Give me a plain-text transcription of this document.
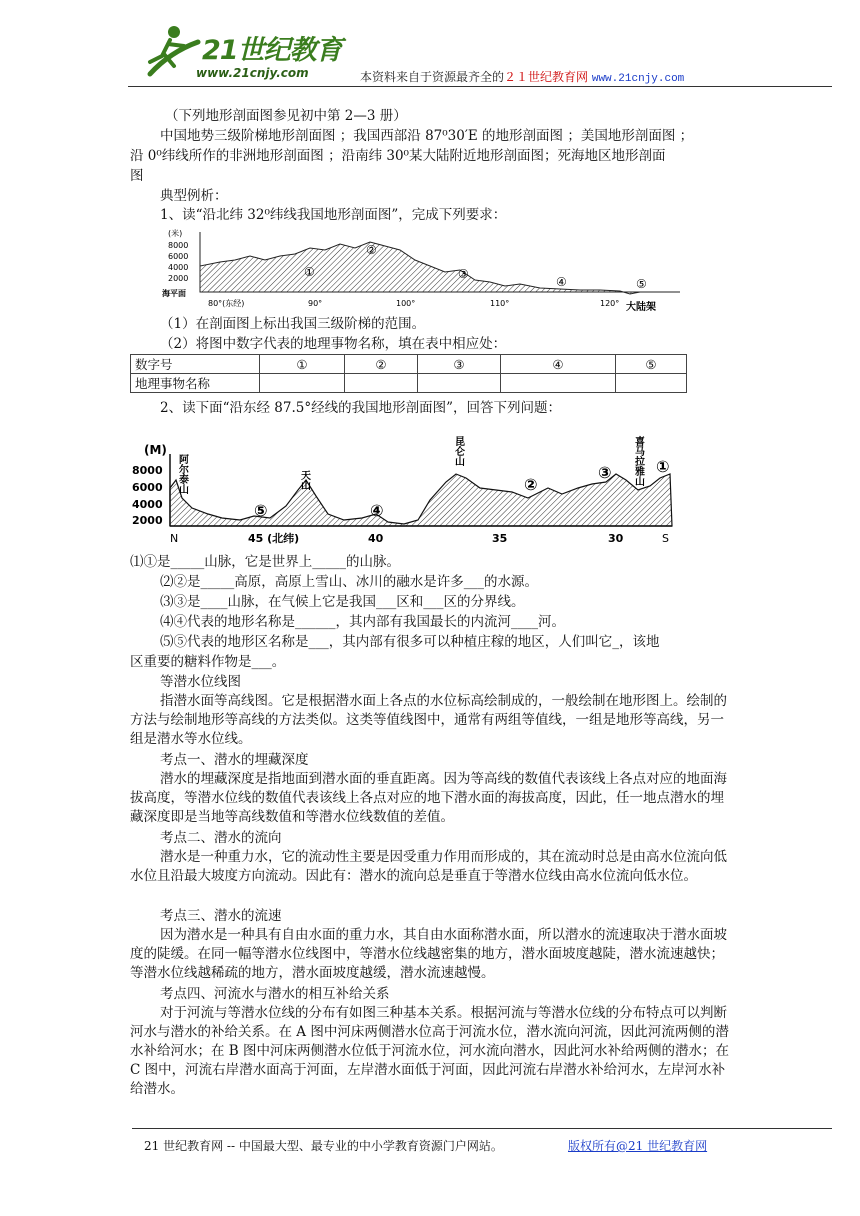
21世纪教育
www.21cnjy.com	本资料来自于资源最齐全的２１世纪教育网 www.21cnjy.com
（下列地形剖面图参见初中第 2—3 册）
中国地势三级阶梯地形剖面图 ；我国西部沿 87⁰30′E 的地形剖面图 ；美国地形剖面图 ；
沿 0⁰纬线所作的非洲地形剖面图 ；沿南纬 30⁰某大陆附近地形剖面图；死海地区地形剖面
图
典型例析：
1、读“沿北纬 32⁰纬线我国地形剖面图”，完成下列要求：
(米)
8000
6000
4000
2000
海平面
80°(东经)	90°	100°	110°	120° 大陆架
①
②
③
④	⑤
（1）在剖面图上标出我国三级阶梯的范围。
（2）将图中数字代表的地理事物名称，填在表中相应处：
数字号	①	②	③	④	⑤
地理事物名称					
2、读下面“沿东经 87.5°经线的我国地形剖面图”，回答下列问题：
(M)
8000
6000
4000
2000
阿尔泰山	天山
昆仑山	喜马拉雅山 ①
②
③
④
⑤
N	S
45 (北纬)	40	35	30
⑴①是_____山脉，它是世界上_____的山脉。
⑵②是_____高原，高原上雪山、冰川的融水是许多___的水源。
⑶③是____山脉，在气候上它是我国___区和___区的分界线。
⑷④代表的地形名称是______，其内部有我国最长的内流河____河。
⑸⑤代表的地形区名称是___，其内部有很多可以种植庄稼的地区，人们叫它_，该地
区重要的糖料作物是___。
等潜水位线图
指潜水面等高线图。它是根据潜水面上各点的水位标高绘制成的，一般绘制在地形图上。绘制的方法与绘制地形等高线的方法类似。这类等值线图中，通常有两组等值线，一组是地形等高线，另一组是潜水等水位线。
考点一、潜水的埋藏深度
潜水的埋藏深度是指地面到潜水面的垂直距离。因为等高线的数值代表该线上各点对应的地面海拔高度，等潜水位线的数值代表该线上各点对应的地下潜水面的海拔高度，因此，任一地点潜水的埋藏深度即是当地等高线数值和等潜水位线数值的差值。
考点二、潜水的流向
潜水是一种重力水，它的流动性主要是因受重力作用而形成的，其在流动时总是由高水位流向低水位且沿最大坡度方向流动。因此有：潜水的流向总是垂直于等潜水位线由高水位流向低水位。
考点三、潜水的流速
因为潜水是一种具有自由水面的重力水，其自由水面称潜水面，所以潜水的流速取决于潜水面坡度的陡缓。在同一幅等潜水位线图中，等潜水位线越密集的地方，潜水面坡度越陡，潜水流速越快；等潜水位线越稀疏的地方，潜水面坡度越缓，潜水流速越慢。
考点四、河流水与潜水的相互补给关系
对于河流与等潜水位线的分布有如图三种基本关系。根据河流与等潜水位线的分布特点可以判断河水与潜水的补给关系。在 A 图中河床两侧潜水位高于河流水位，潜水流向河流，因此河流两侧的潜水补给河水；在 B 图中河床两侧潜水位低于河流水位，河水流向潜水，因此河水补给两侧的潜水；在 C 图中，河流右岸潜水面高于河面，左岸潜水面低于河面，因此河流右岸潜水补给河水，左岸河水补给潜水。
21 世纪教育网 -- 中国最大型、最专业的中小学教育资源门户网站。	版权所有@21 世纪教育网
